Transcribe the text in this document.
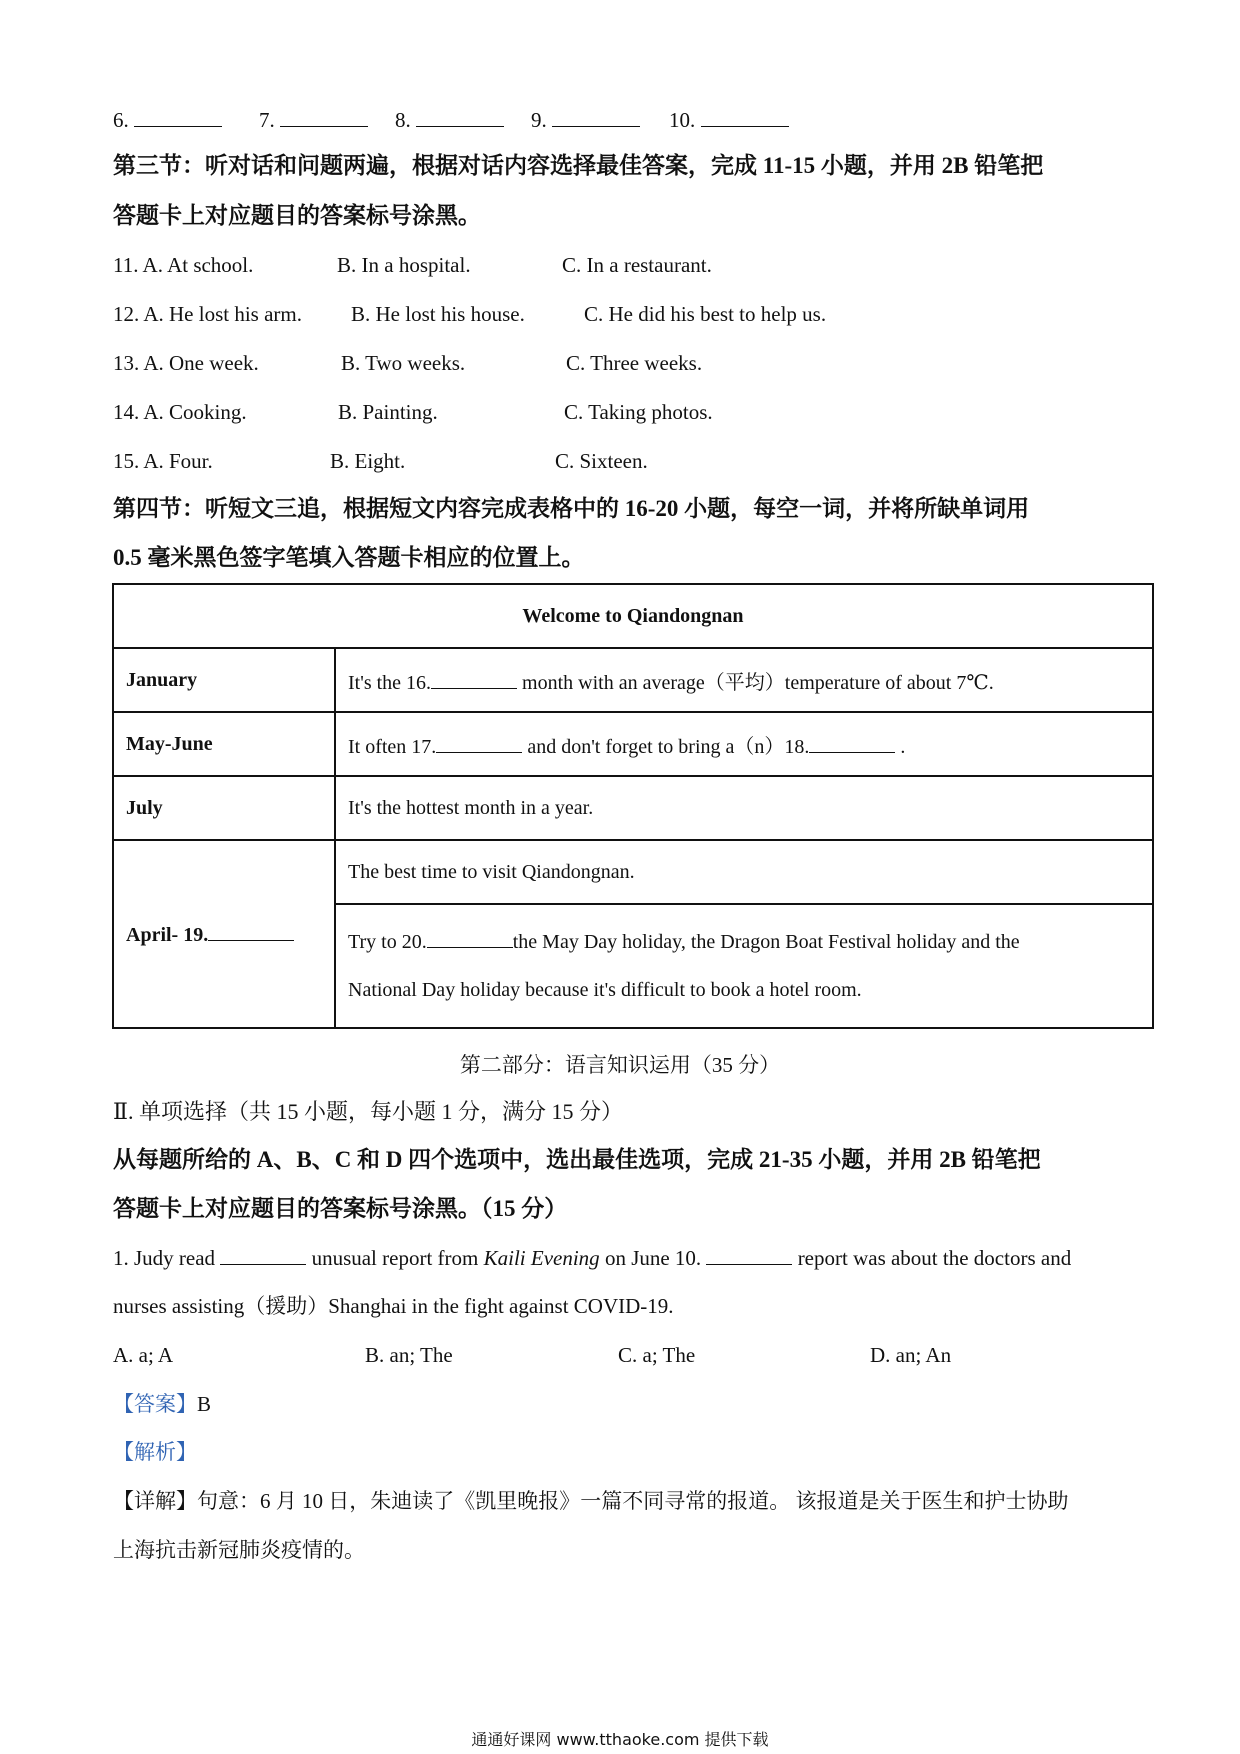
6.	7.	8.	9.	10.
第三节：听对话和问题两遍，根据对话内容选择最佳答案，完成 11-15 小题，并用 2B 铅笔把
答题卡上对应题目的答案标号涂黑。
11. A. At school.	B. In a hospital.	C. In a restaurant.
12. A. He lost his arm. B. He lost his house.	C. He did his best to help us.
13. A. One week.	B. Two weeks.	C. Three weeks.
14. A. Cooking.	B. Painting.	C. Taking photos.
15. A. Four.	B. Eight.	C. Sixteen.
第四节：听短文三追，根据短文内容完成表格中的 16-20 小题，每空一词，并将所缺单词用
0.5 毫米黑色签字笔填入答题卡相应的位置上。
Welcome to Qiandongnan	
January	It's the 16. month with an average（平均）temperature of about 7℃.
May-June	It often 17. and don't forget to bring a（n）18. .
July	It's the hottest month in a year.
April- 19.	The best time to visit Qiandongnan.
	Try to 20. the May Day holiday, the Dragon Boat Festival holiday and the
National Day holiday because it's difficult to book a hotel room.
第二部分：语言知识运用（35 分）
Ⅱ. 单项选择（共 15 小题，每小题 1 分，满分 15 分）
从每题所给的 A、B、C 和 D 四个选项中，选出最佳选项，完成 21-35 小题，并用 2B 铅笔把
答题卡上对应题目的答案标号涂黑。（15 分）
1. Judy read	unusual report from Kaili Evening on June 10.	report was about the doctors and
nurses assisting（援助）Shanghai in the fight against COVID-19.
A. a; A	B. an; The	C. a; The	D. an; An
【答案】B
【解析】
【详解】句意：6 月 10 日，朱迪读了《凯里晚报》一篇不同寻常的报道。 该报道是关于医生和护士协助
上海抗击新冠肺炎疫情的。
通通好课网 www.tthaoke.com 提供下载
